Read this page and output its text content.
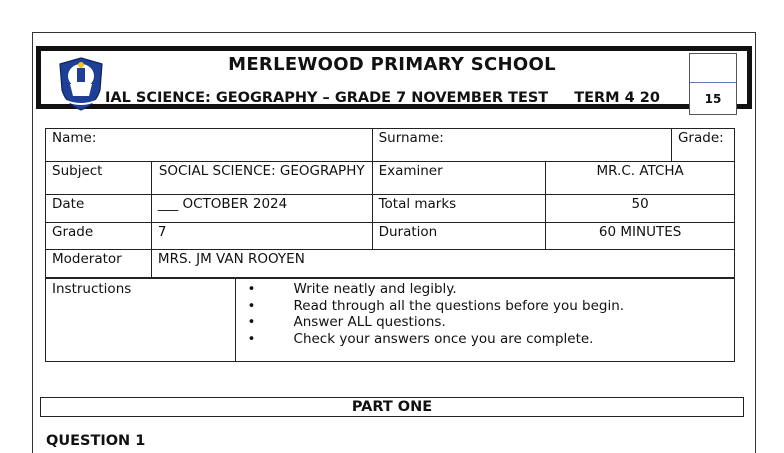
MERLEWOOD PRIMARY SCHOOL
IAL SCIENCE: GEOGRAPHY – GRADE 7 NOVEMBER TEST TERM 4 20	15
Name:		Surname:		Grade:
Subject	SOCIAL SCIENCE: GEOGRAPHY	Examiner	MR.C. ATCHA	
Date	___ OCTOBER 2024	Total marks	50	
Grade	7	Duration	60 MINUTES	
Moderator	MRS. JM VAN ROOYEN			
Instructions	•	Write neatly and legibly.
•	Read through all the questions before you begin.
•	Answer ALL questions.
•	Check your answers once you are complete.
PART ONE
QUESTION 1
